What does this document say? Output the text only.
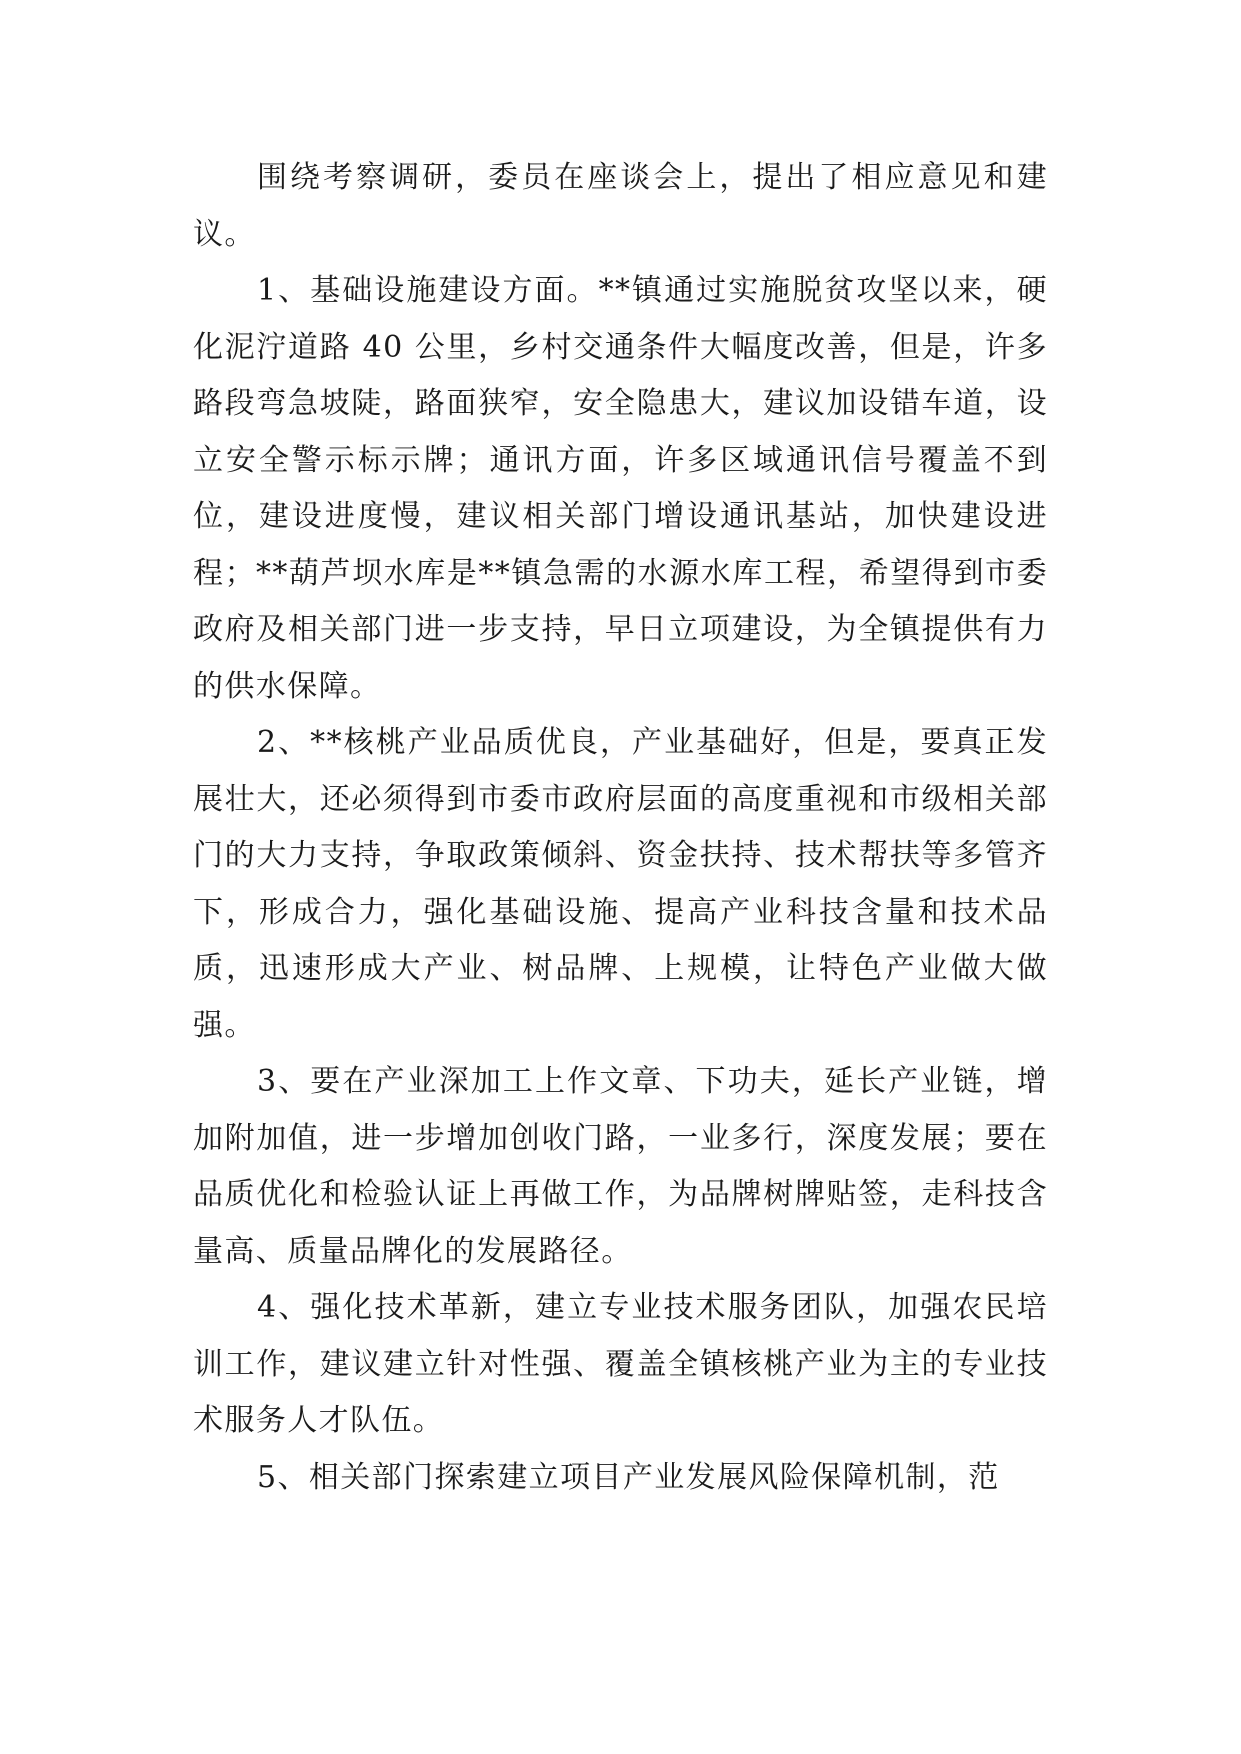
围绕考察调研，委员在座谈会上，提出了相应意见和建议。

1、基础设施建设方面。**镇通过实施脱贫攻坚以来，硬化泥泞道路 40 公里，乡村交通条件大幅度改善，但是，许多路段弯急坡陡，路面狭窄，安全隐患大，建议加设错车道，设立安全警示标示牌；通讯方面，许多区域通讯信号覆盖不到位，建设进度慢，建议相关部门增设通讯基站，加快建设进程；**葫芦坝水库是**镇急需的水源水库工程，希望得到市委政府及相关部门进一步支持，早日立项建设，为全镇提供有力的供水保障。

2、**核桃产业品质优良，产业基础好，但是，要真正发展壮大，还必须得到市委市政府层面的高度重视和市级相关部门的大力支持，争取政策倾斜、资金扶持、技术帮扶等多管齐下，形成合力，强化基础设施、提高产业科技含量和技术品质，迅速形成大产业、树品牌、上规模，让特色产业做大做强。

3、要在产业深加工上作文章、下功夫，延长产业链，增加附加值，进一步增加创收门路，一业多行，深度发展；要在品质优化和检验认证上再做工作，为品牌树牌贴签，走科技含量高、质量品牌化的发展路径。

4、强化技术革新，建立专业技术服务团队，加强农民培训工作，建议建立针对性强、覆盖全镇核桃产业为主的专业技术服务人才队伍。

5、相关部门探索建立项目产业发展风险保障机制，范
